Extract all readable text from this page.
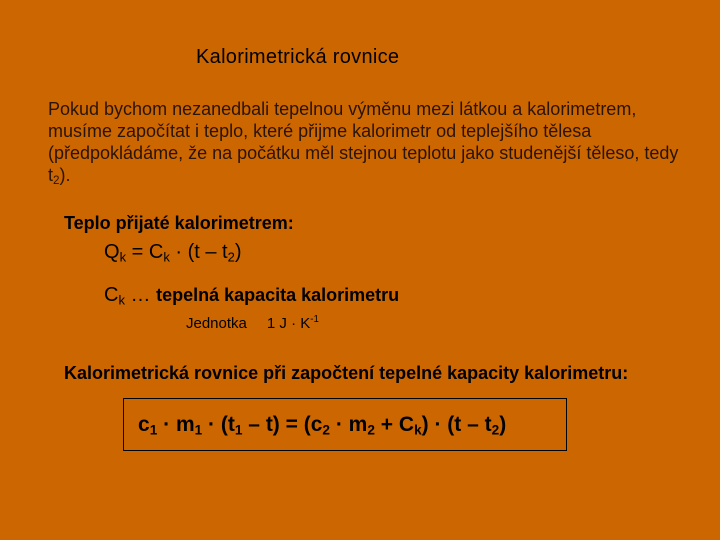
Kalorimetrická rovnice
Pokud bychom nezanedbali tepelnou výměnu mezi látkou a kalorimetrem, musíme započítat i teplo, které přijme kalorimetr od teplejšího tělesa (předpokládáme, že na počátku měl stejnou teplotu jako studenější těleso, tedy $t_2$).
Teplo přijaté kalorimetrem:
$Q_k = C_k \cdot (t - t_2)$
$C_k$ … tepelná kapacita kalorimetru
Jednotka 1 $J \cdot K^{-1}$
Kalorimetrická rovnice při započtení tepelné kapacity kalorimetru:
$c_1 \cdot m_1 \cdot (t_1 - t) = (c_2 \cdot m_2 + C_k) \cdot (t - t_2)$
